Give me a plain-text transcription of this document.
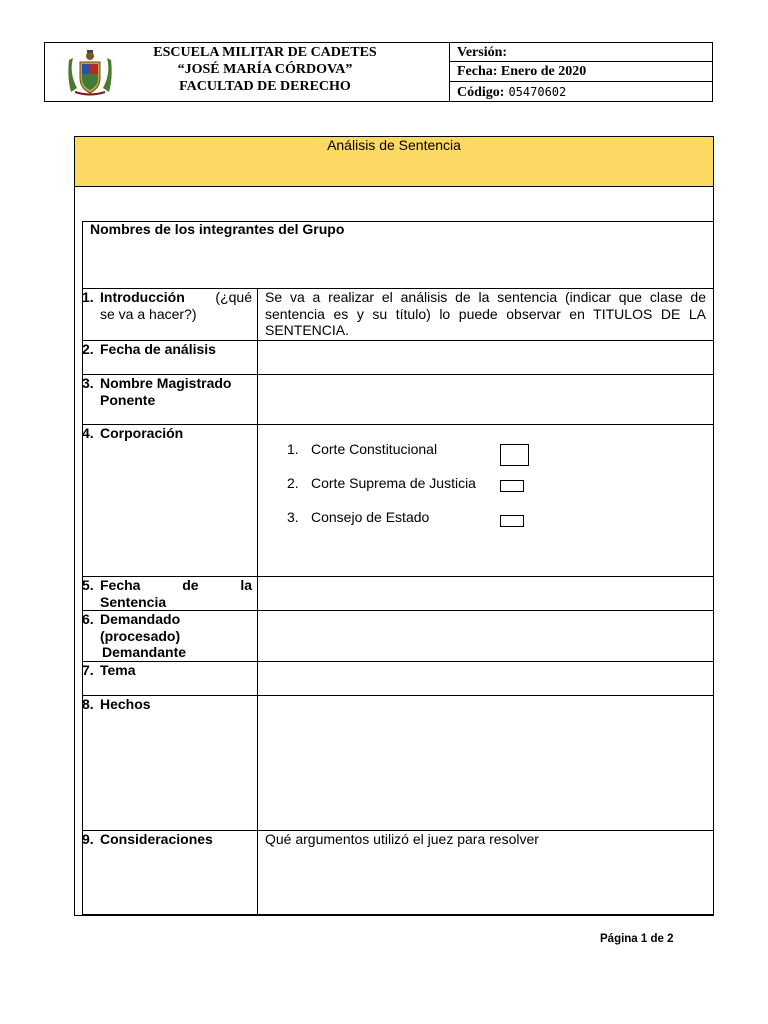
ESCUELA MILITAR DE CADETES
“JOSÉ MARÍA CÓRDOVA”
FACULTAD DE DERECHO
Versión:
Fecha: Enero de 2020
Código: 05470602
Análisis de Sentencia
Nombres de los integrantes del Grupo
1. Introducción (¿qué
se va a hacer?)
Se va a realizar el análisis de la sentencia (indicar que clase de sentencia es y su título) lo puede observar en TITULOS DE LA SENTENCIA.
2. Fecha de análisis
3. Nombre Magistrado
Ponente
4. Corporación
1. Corte Constitucional
2. Corte Suprema de Justicia
3. Consejo de Estado
5. Fecha	de	la
Sentencia
6. Demandado
(procesado)
Demandante
7. Tema
8. Hechos
9. Consideraciones	Qué argumentos utilizó el juez para resolver
Página 1 de 2
